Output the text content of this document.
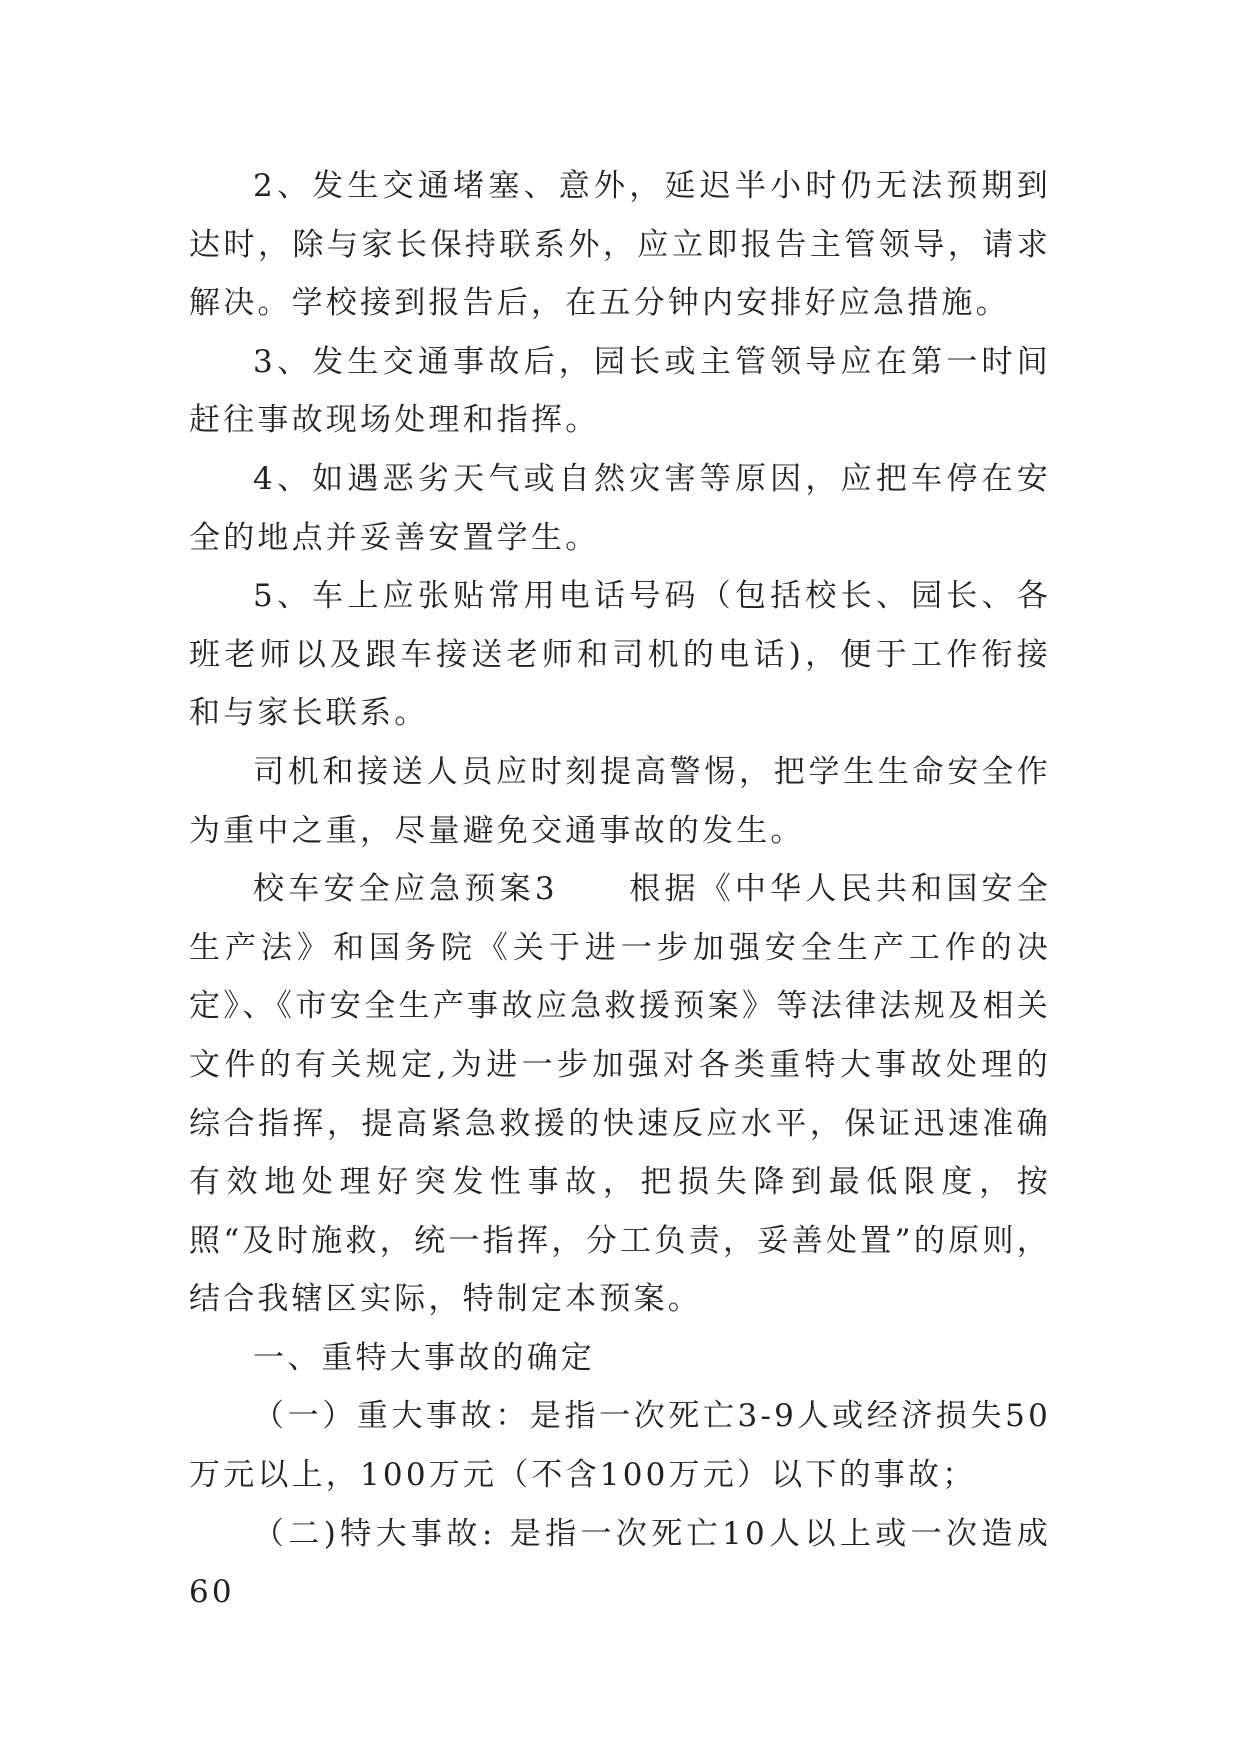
2、发生交通堵塞、意外，延迟半小时仍无法预期到达时，除与家长保持联系外，应立即报告主管领导，请求解决。学校接到报告后，在五分钟内安排好应急措施。

3、发生交通事故后，园长或主管领导应在第一时间赶往事故现场处理和指挥。

4、如遇恶劣天气或自然灾害等原因，应把车停在安全的地点并妥善安置学生。

5、车上应张贴常用电话号码（包括校长、园长、各班老师以及跟车接送老师和司机的电话)，便于工作衔接和与家长联系。

司机和接送人员应时刻提高警惕，把学生生命安全作为重中之重，尽量避免交通事故的发生。

校车安全应急预案3　　根据《中华人民共和国安全生产法》和国务院《关于进一步加强安全生产工作的决定》、《市安全生产事故应急救援预案》等法律法规及相关文件的有关规定,为进一步加强对各类重特大事故处理的综合指挥，提高紧急救援的快速反应水平，保证迅速准确有效地处理好突发性事故，把损失降到最低限度，按照“及时施救，统一指挥，分工负责，妥善处置”的原则，结合我辖区实际，特制定本预案。

一、重特大事故的确定

（一）重大事故：是指一次死亡3-9人或经济损失50万元以上，100万元（不含100万元）以下的事故；

（二)特大事故: 是指一次死亡10人以上或一次造成60
